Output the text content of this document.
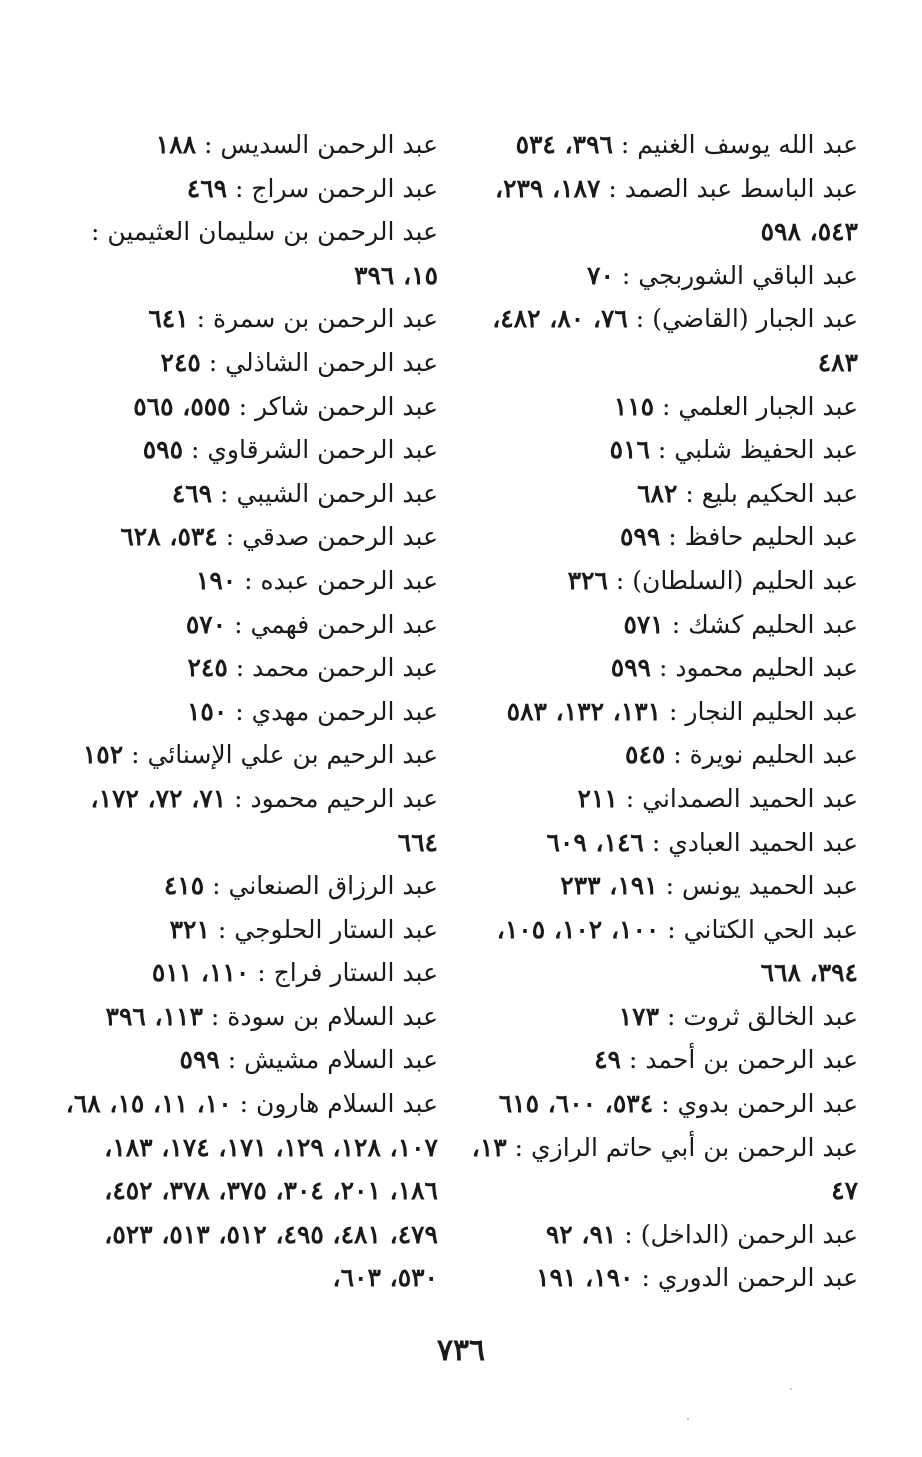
عبد الله يوسف الغنيم : ٣٩٦، ٥٣٤
عبد الباسط عبد الصمد : ١٨٧، ٢٣٩، ٥٤٣، ٥٩٨
عبد الباقي الشوربجي : ٧٠
عبد الجبار (القاضي) : ٧٦، ٨٠، ٤٨٢، ٤٨٣
عبد الجبار العلمي : ١١٥
عبد الحفيظ شلبي : ٥١٦
عبد الحكيم بليع : ٦٨٢
عبد الحليم حافظ : ٥٩٩
عبد الحليم (السلطان) : ٣٢٦
عبد الحليم كشك : ٥٧١
عبد الحليم محمود : ٥٩٩
عبد الحليم النجار : ١٣١، ١٣٢، ٥٨٣
عبد الحليم نويرة : ٥٤٥
عبد الحميد الصمداني : ٢١١
عبد الحميد العبادي : ١٤٦، ٦٠٩
عبد الحميد يونس : ١٩١، ٢٣٣
عبد الحي الكتاني : ١٠٠، ١٠٢، ١٠٥، ٣٩٤، ٦٦٨
عبد الخالق ثروت : ١٧٣
عبد الرحمن بن أحمد : ٤٩
عبد الرحمن بدوي : ٥٣٤، ٦٠٠، ٦١٥
عبد الرحمن بن أبي حاتم الرازي : ١٣، ٤٧
عبد الرحمن (الداخل) : ٩١، ٩٢
عبد الرحمن الدوري : ١٩٠، ١٩١
عبد الرحمن السديس : ١٨٨
عبد الرحمن سراج : ٤٦٩
عبد الرحمن بن سليمان العثيمين : ١٥، ٣٩٦
عبد الرحمن بن سمرة : ٦٤١
عبد الرحمن الشاذلي : ٢٤٥
عبد الرحمن شاكر : ٥٥٥، ٥٦٥
عبد الرحمن الشرقاوي : ٥٩٥
عبد الرحمن الشيبي : ٤٦٩
عبد الرحمن صدقي : ٥٣٤، ٦٢٨
عبد الرحمن عبده : ١٩٠
عبد الرحمن فهمي : ٥٧٠
عبد الرحمن محمد : ٢٤٥
عبد الرحمن مهدي : ١٥٠
عبد الرحيم بن علي الإسنائي : ١٥٢
عبد الرحيم محمود : ٧١، ٧٢، ١٧٢، ٦٦٤
عبد الرزاق الصنعاني : ٤١٥
عبد الستار الحلوجي : ٣٢١
عبد الستار فراج : ١١٠، ٥١١
عبد السلام بن سودة : ١١٣، ٣٩٦
عبد السلام مشيش : ٥٩٩
عبد السلام هارون : ١٠، ١١، ١٥، ٦٨، ١٠٧، ١٢٨، ١٢٩، ١٧١، ١٧٤، ١٨٣، ١٨٦، ٢٠١، ٣٠٤، ٣٧٥، ٣٧٨، ٤٥٢، ٤٧٩، ٤٨١، ٤٩٥، ٥١٢، ٥١٣، ٥٢٣، ٥٣٠، ٦٠٣،
٧٣٦
